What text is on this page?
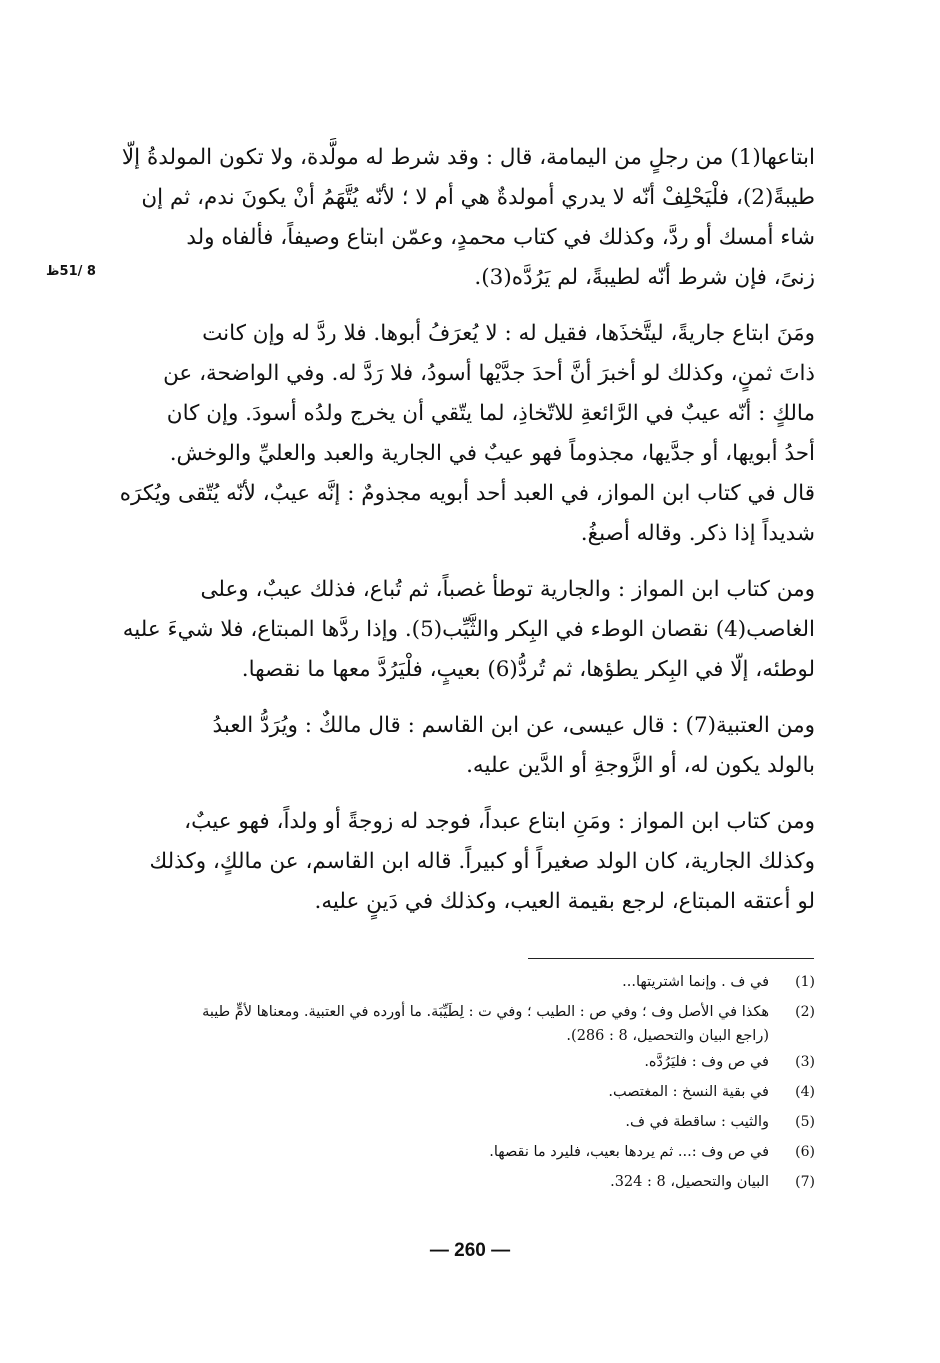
8 /51ظ

ابتاعها(1) من رجلٍ من اليمامة، قال : وقد شرط له مولَّدة، ولا تكون المولدةُ إلّا
طيبةً(2)، فلْيَحْلِفْ أنّه لا يدري أمولدةٌ هي أم لا ؛ لأنّه يُتَّهَمُ أنْ يكونَ ندم، ثم إن
شاء أمسك أو ردَّ، وكذلك في كتاب محمدٍ، وعمّن ابتاع وصيفاً، فألفاه ولد
زنىً، فإن شرط أنّه لطيبةً، لم يَرُدَّه(3).

ومَنَ ابتاع جاريةً، ليتَّخذَها، فقيل له : لا يُعرَفُ أبوها. فلا ردَّ له وإن كانت
ذاتَ ثمنٍ، وكذلك لو أخبرَ أنَّ أحدَ جدَّيْها أسودُ، فلا رَدَّ له. وفي الواضحة، عن
مالكٍ : أنّه عيبٌ في الرَّائعةِ للاتّخاذِ، لما يتّقي أن يخرج ولدُه أسودَ. وإن كان
أحدُ أبويها، أو جدَّيها، مجذوماً فهو عيبٌ في الجارية والعبد والعليِّ والوخش.
قال في كتاب ابن المواز، في العبد أحد أبويه مجذومٌ : إنَّه عيبٌ، لأنّه يُتّقى ويُكرَه
شديداً إذا ذكر. وقاله أصبغُ.

ومن كتاب ابن المواز : والجارية توطأ غصباً، ثم تُباع، فذلك عيبٌ، وعلى
الغاصب(4) نقصان الوطء في البِكر والثَّيِّب(5). وإذا ردَّها المبتاع، فلا شيءَ عليه
لوطئه، إلّا في البِكر يطؤها، ثم تُردُّ(6) بعيبٍ، فلْيَرُدَّ معها ما نقصها.

ومن العتبية(7) : قال عيسى، عن ابن القاسم : قال مالكٌ : ويُرَدُّ العبدُ
بالولد يكون له، أو الزَّوجةِ أو الدَّين عليه.

ومن كتاب ابن المواز : ومَنِ ابتاع عبداً، فوجد له زوجةً أو ولداً، فهو عيبٌ،
وكذلك الجارية، كان الولد صغيراً أو كبيراً. قاله ابن القاسم، عن مالكٍ، وكذلك
لو أعتقه المبتاع، لرجع بقيمة العيب، وكذلك في دَينٍ عليه.

(1)
في ف . وإنما اشتريتها...
(2)
هكذا في الأصل وف ؛ وفي ص : الطيب ؛ وفي ت : لِطَيِّبَة. ما أورده في العتبية. ومعناها لأمٍّ طيبة
(راجع البيان والتحصيل، 8 : 286).
(3)
في ص وف : فليَرُدَّه.
(4)
في بقية النسخ : المغتصب.
(5)
والثيب : ساقطة في ف.
(6)
في ص وف :... ثم يردها بعيب، فليرد ما نقصها.
(7)
البيان والتحصيل، 8 : 324.
— 260 —
